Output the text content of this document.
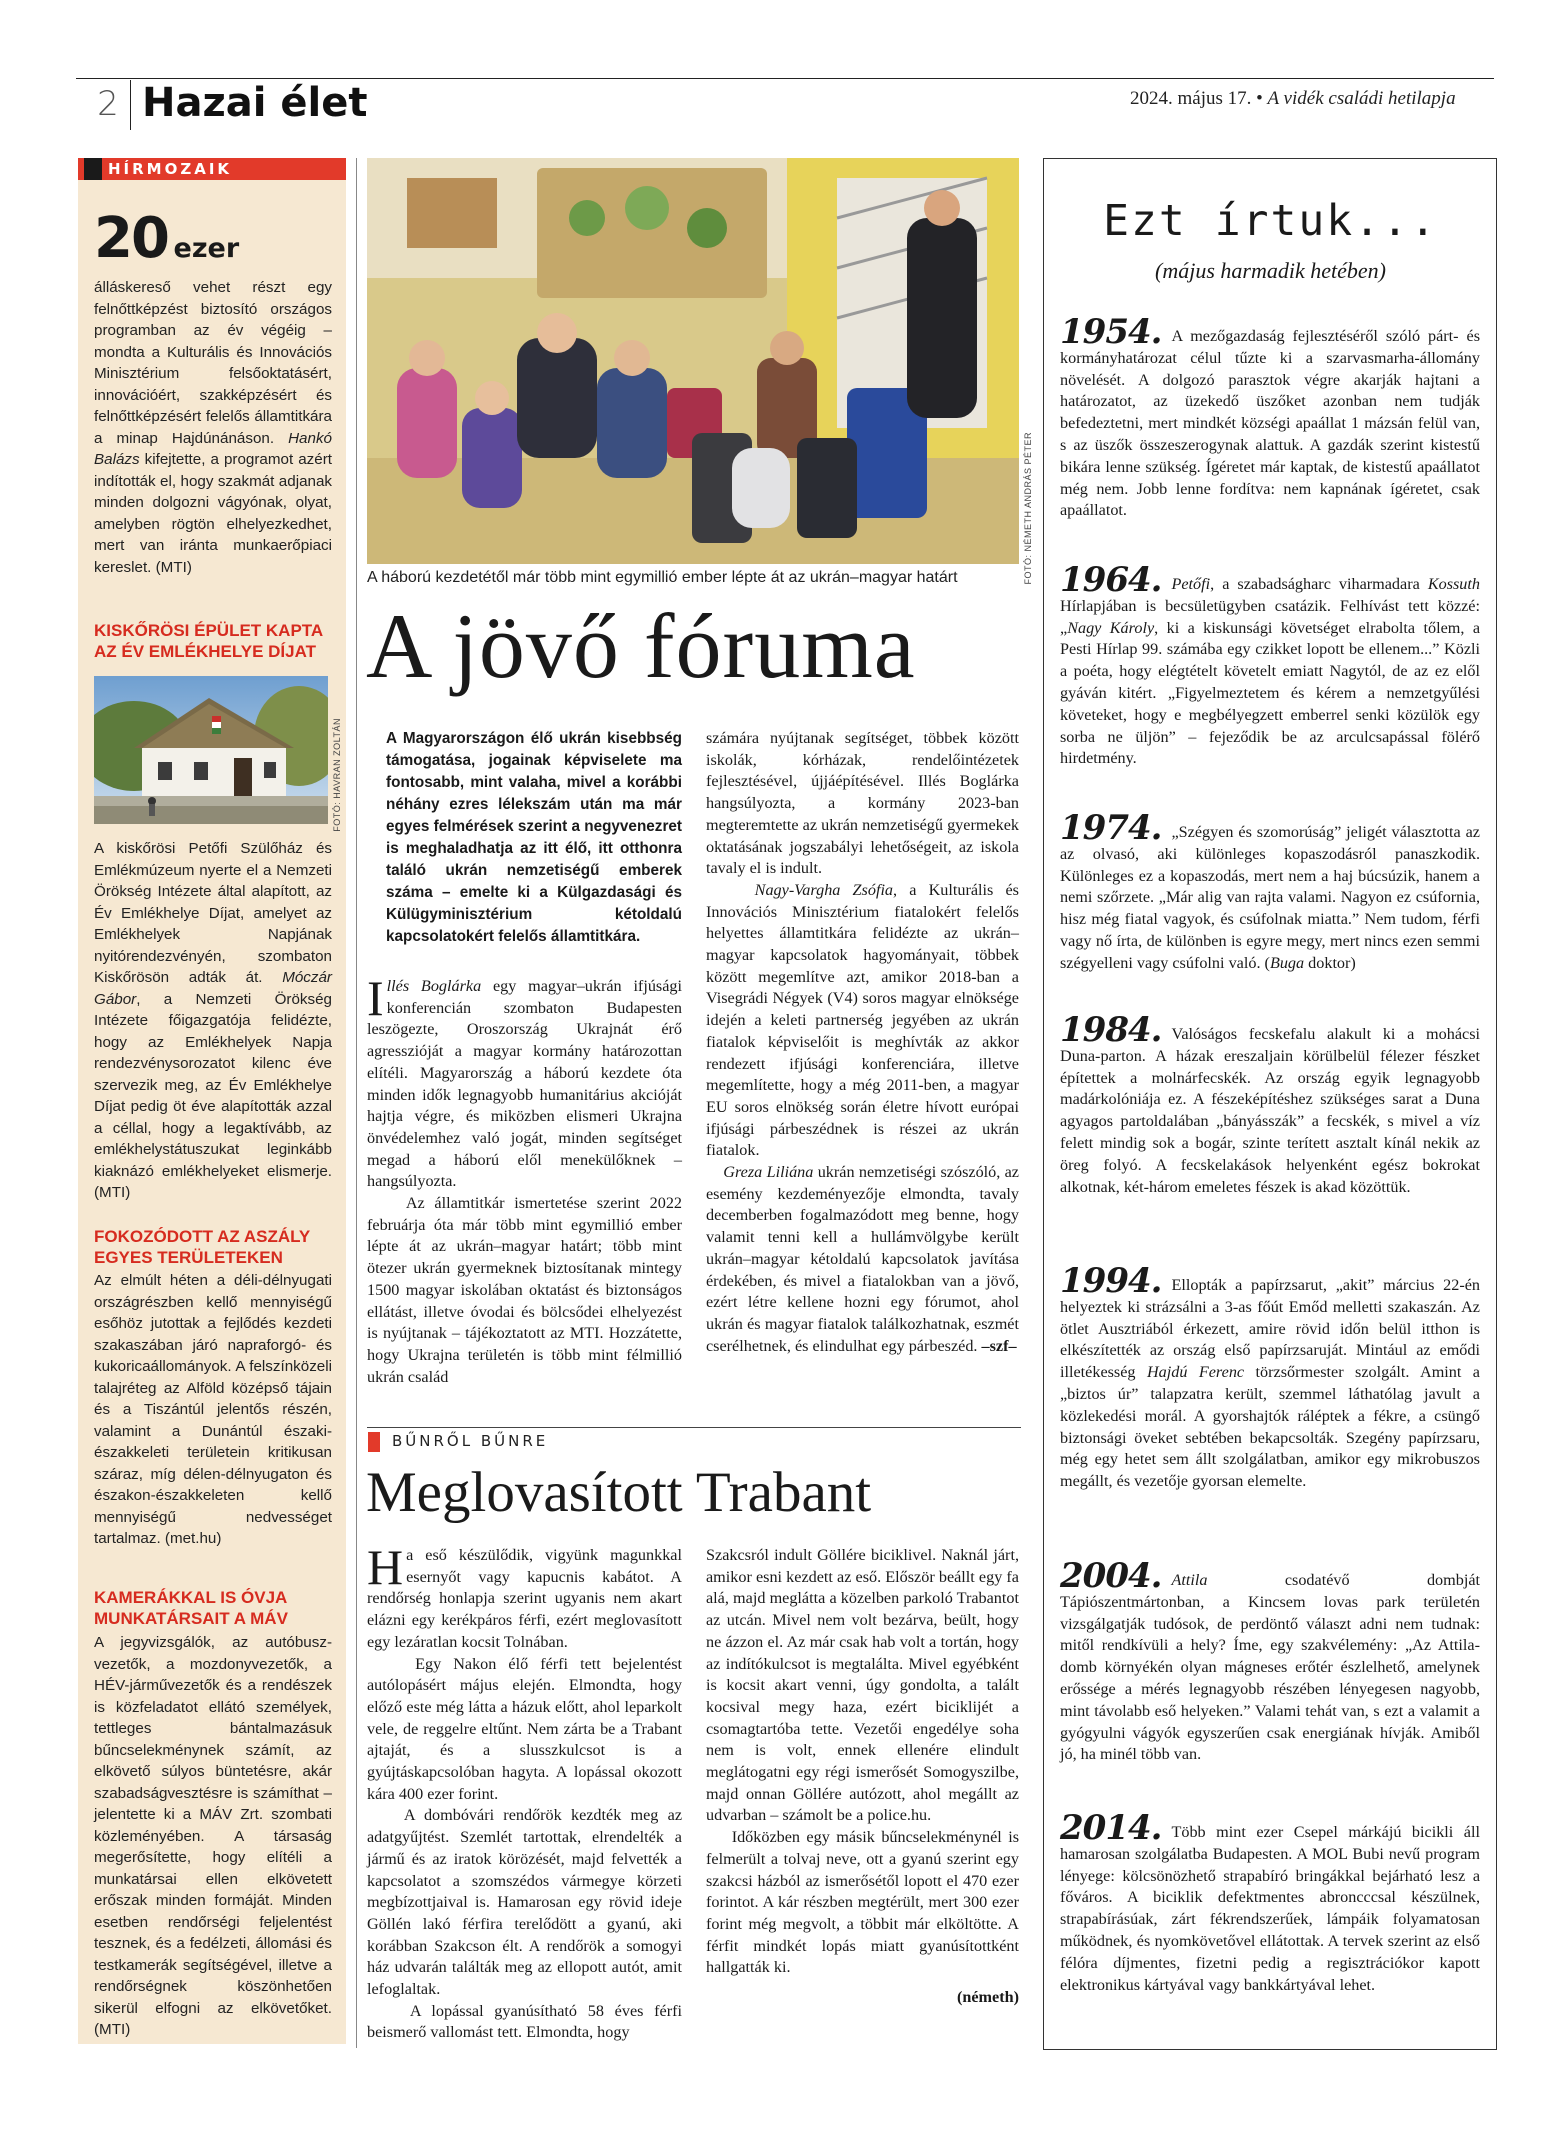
2 Hazai élet	2024. május 17. • A vidék családi hetilapja
HÍRMOZAIK
20 ezer
álláskereső vehet részt egy felnőttképzést biztosító országos programban az év végéig – mondta a Kulturális és Innovációs Minisztérium felsőoktatásért, innovációért, szakképzésért és felnőttképzésért felelős államtitkára a minap Hajdúnánáson. Hankó Balázs kifejtette, a programot azért indították el, hogy szakmát adjanak minden dolgozni vágyónak, olyat, amelyben rögtön elhelyezkedhet, mert van iránta munkaerőpiaci kereslet. (MTI)
KISKŐRÖSI ÉPÜLET KAPTA AZ ÉV EMLÉKHELYE DÍJAT
FOTÓ: HAVRAN ZOLTÁN
A kiskőrösi Petőfi Szülőház és Emlékmúzeum nyerte el a Nemzeti Örökség Intézete által alapított, az Év Emlékhelye Díjat, amelyet az Emlékhelyek Napjának nyitórendezvényén, szombaton Kiskőrösön adták át. Móczár Gábor, a Nemzeti Örökség Intézete főigazgatója felidézte, hogy az Emlékhelyek Napja rendezvénysorozatot kilenc éve szervezik meg, az Év Emlékhelye Díjat pedig öt éve alapították azzal a céllal, hogy a legaktívább, az emlékhelystátuszukat leginkább kiaknázó emlékhelyeket elismerje. (MTI)
FOKOZÓDOTT AZ ASZÁLY EGYES TERÜLETEKEN
Az elmúlt héten a déli-délnyugati országrészben kellő mennyiségű esőhöz jutottak a fejlődés kezdeti szakaszában járó napraforgó- és kukoricaállományok. A felszínközeli talajréteg az Alföld középső tájain és a Tiszántúl jelentős részén, valamint a Dunántúl északi-északkeleti területein kritikusan száraz, míg délen-délnyugaton és északon-északkeleten kellő mennyiségű nedvességet tartalmaz. (met.hu)
KAMERÁKKAL IS ÓVJA MUNKATÁRSAIT A MÁV
A jegyvizsgálók, az autóbusz-vezetők, a mozdonyvezetők, a HÉV-járművezetők és a rendészek is közfeladatot ellátó személyek, tettleges bántalmazásuk bűncselekménynek számít, az elkövető súlyos büntetésre, akár szabadságvesztésre is számíthat – jelentette ki a MÁV Zrt. szombati közleményében. A társaság megerősítette, hogy elítéli a munkatársai ellen elkövetett erőszak minden formáját. Minden esetben rendőrségi feljelentést tesznek, és a fedélzeti, állomási és testkamerák segítségével, illetve a rendőrségnek köszönhetően sikerül elfogni az elkövetőket. (MTI)
FOTÓ: NÉMETH ANDRÁS PÉTER
A háború kezdetétől már több mint egymillió ember lépte át az ukrán–magyar határt
A jövő fóruma
A Magyarországon élő ukrán kisebbség támogatása, jogainak képviselete ma fontosabb, mint valaha, mivel a korábbi néhány ezres lélekszám után ma már egyes felmérések szerint a negyvenezret is meghaladhatja az itt élő, itt otthonra találó ukrán nemzetiségű emberek száma – emelte ki a Külgazdasági és Külügyminisztérium kétoldalú kapcsolatokért felelős államtitkára.
Illés Boglárka egy magyar–ukrán ifjúsági konferencián szombaton Budapesten leszögezte, Oroszország Ukrajnát érő agresszióját a magyar kormány határozottan elítéli. Magyarország a háború kezdete óta minden idők legnagyobb humanitárius akcióját hajtja végre, és miközben elismeri Ukrajna önvédelemhez való jogát, minden segítséget megad a háború elől menekülőknek – hangsúlyozta.
Az államtitkár ismertetése szerint 2022 februárja óta már több mint egymillió ember lépte át az ukrán–magyar határt; több mint ötezer ukrán gyermeknek biztosítanak mintegy 1500 magyar iskolában oktatást és biztonságos ellátást, illetve óvodai és bölcsődei elhelyezést is nyújtanak – tájékoztatott az MTI. Hozzátette, hogy Ukrajna területén is több mint félmillió ukrán család
számára nyújtanak segítséget, többek között iskolák, kórházak, rendelőintézetek fejlesztésével, újjáépítésével. Illés Boglárka hangsúlyozta, a kormány 2023-ban megteremtette az ukrán nemzetiségű gyermekek oktatásának jogszabályi lehetőségeit, az iskola tavaly el is indult.
Nagy-Vargha Zsófia, a Kulturális és Innovációs Minisztérium fiatalokért felelős helyettes államtitkára felidézte az ukrán–magyar kapcsolatok hagyományait, többek között megemlítve azt, amikor 2018-ban a Visegrádi Négyek (V4) soros magyar elnöksége idején a keleti partnerség jegyében az ukrán fiatalok képviselőit is meghívták az akkor rendezett ifjúsági konferenciára, illetve megemlítette, hogy a még 2011-ben, a magyar EU soros elnökség során életre hívott európai ifjúsági párbeszédnek is részei az ukrán fiatalok.
Greza Liliána ukrán nemzetiségi szószóló, az esemény kezdeményezője elmondta, tavaly decemberben fogalmazódott meg benne, hogy valamit tenni kell a hullámvölgybe került ukrán–magyar kétoldalú kapcsolatok javítása érdekében, és mivel a fiatalokban van a jövő, ezért létre kellene hozni egy fórumot, ahol ukrán és magyar fiatalok találkozhatnak, eszmét cserélhetnek, és elindulhat egy párbeszéd. –szf–
BŰNRŐL BŰNRE
Meglovasított Trabant
Ha eső készülődik, vigyünk magunkkal esernyőt vagy kapucnis kabátot. A rendőrség honlapja szerint ugyanis nem akart elázni egy kerékpáros férfi, ezért meglovasított egy lezáratlan kocsit Tolnában.
Egy Nakon élő férfi tett bejelentést autólopásért május elején. Elmondta, hogy előző este még látta a házuk előtt, ahol leparkolt vele, de reggelre eltűnt. Nem zárta be a Trabant ajtaját, és a slusszkulcsot is a gyújtáskapcsolóban hagyta. A lopással okozott kára 400 ezer forint.
A dombóvári rendőrök kezdték meg az adatgyűjtést. Szemlét tartottak, elrendelték a jármű és az iratok körözését, majd felvették a kapcsolatot a szomszédos vármegye körzeti megbízottjaival is. Hamarosan egy rövid ideje Göllén lakó férfira terelődött a gyanú, aki korábban Szakcson élt. A rendőrök a somogyi ház udvarán találták meg az ellopott autót, amit lefoglaltak.
A lopással gyanúsítható 58 éves férfi beismerő vallomást tett. Elmondta, hogy
Szakcsról indult Göllére biciklivel. Naknál járt, amikor esni kezdett az eső. Először beállt egy fa alá, majd meglátta a közelben parkoló Trabantot az utcán. Mivel nem volt bezárva, beült, hogy ne ázzon el. Az már csak hab volt a tortán, hogy az indítókulcsot is megtalálta. Mivel egyébként is kocsit akart venni, úgy gondolta, a talált kocsival megy haza, ezért biciklijét a csomagtartóba tette. Vezetői engedélye soha nem is volt, ennek ellenére elindult meglátogatni egy régi ismerősét Somogyszilbe, majd onnan Göllére autózott, ahol megállt az udvarban – számolt be a police.hu.
Időközben egy másik bűncselekménynél is felmerült a tolvaj neve, ott a gyanú szerint egy szakcsi házból az ismerősétől lopott el 470 ezer forintot. A kár részben megtérült, mert 300 ezer forint még megvolt, a többit már elköltötte. A férfit mindkét lopás miatt gyanúsítottként hallgatták ki.
(németh)
Ezt írtuk...
(május harmadik hetében)
1954. A mezőgazdaság fejlesztéséről szóló párt- és kormányhatározat célul tűzte ki a szarvasmarha-állomány növelését. A dolgozó parasztok végre akarják hajtani a határozatot, az üzekedő üszőket azonban nem tudják befedeztetni, mert mindkét községi apaállat 1 mázsán felül van, s az üszők összeszerogynak alattuk. A gazdák szerint kistestű bikára lenne szükség. Ígéretet már kaptak, de kistestű apaállatot még nem. Jobb lenne fordítva: nem kapnának ígéretet, csak apaállatot.
1964. Petőfi, a szabadságharc viharmadara Kossuth Hírlapjában is becsületügyben csatázik. Felhívást tett közzé: „Nagy Károly, ki a kiskunsági követséget elrabolta tőlem, a Pesti Hírlap 99. számába egy czikket lopott be ellenem...” Közli a poéta, hogy elégtételt követelt emiatt Nagytól, de az ez elől gyáván kitért. „Figyelmeztetem és kérem a nemzetgyűlési követeket, hogy e megbélyegzett emberrel senki közülök egy sorba ne üljön” – fejeződik be az arculcsapással fölérő hirdetmény.
1974. „Szégyen és szomorúság” jeligét választotta az az olvasó, aki különleges kopaszodásról panaszkodik. Különleges ez a kopaszodás, mert nem a haj búcsúzik, hanem a nemi szőrzete. „Már alig van rajta valami. Nagyon ez csúfornia, hisz még fiatal vagyok, és csúfolnak miatta.” Nem tudom, férfi vagy nő írta, de különben is egyre megy, mert nincs ezen semmi szégyelleni vagy csúfolni való. (Buga doktor)
1984. Valóságos fecskefalu alakult ki a mohácsi Duna-parton. A házak ereszaljain körülbelül félezer fészket építettek a molnárfecskék. Az ország egyik legnagyobb madárkolóniája ez. A fészeképítéshez szükséges sarat a Duna agyagos partoldalában „bányásszák” a fecskék, s mivel a víz felett mindig sok a bogár, szinte terített asztalt kínál nekik az öreg folyó. A fecskelakások helyenként egész bokrokat alkotnak, két-három emeletes fészek is akad közöttük.
1994. Ellopták a papírzsarut, „akit” március 22-én helyeztek ki strázsálni a 3-as főút Emőd melletti szakaszán. Az ötlet Ausztriából érkezett, amire rövid időn belül itthon is elkészítették az ország első papírzsaruját. Mintául az emődi illetékesség Hajdú Ferenc törzsőrmester szolgált. Amint a „biztos úr” talapzatra került, szemmel láthatólag javult a közlekedési morál. A gyorshajtók ráléptek a fékre, a csüngő biztonsági öveket sebtében bekapcsolták. Szegény papírzsaru, még egy hetet sem állt szolgálatban, amikor egy mikrobuszos megállt, és vezetője gyorsan elemelte.
2004. Attila csodatévő dombját Tápiószentmártonban, a Kincsem lovas park területén vizsgálgatják tudósok, de perdöntő választ adni nem tudnak: mitől rendkívüli a hely? Íme, egy szakvélemény: „Az Attila-domb környékén olyan mágneses erőtér észlelhető, amelynek erőssége a mérés legnagyobb részében lényegesen nagyobb, mint távolabb eső helyeken.” Valami tehát van, s ezt a valamit a gyógyulni vágyók egyszerűen csak energiának hívják. Amiből jó, ha minél több van.
2014. Több mint ezer Csepel márkájú bicikli áll hamarosan szolgálatba Budapesten. A MOL Bubi nevű program lényege: kölcsönözhető strapabíró bringákkal bejárható lesz a főváros. A biciklik defektmentes abroncccsal készülnek, strapabírásúak, zárt fékrendszerűek, lámpáik folyamatosan működnek, és nyomkövetővel ellátottak. A tervek szerint az első félóra díjmentes, fizetni pedig a regisztrációkor kapott elektronikus kártyával vagy bankkártyával lehet.
